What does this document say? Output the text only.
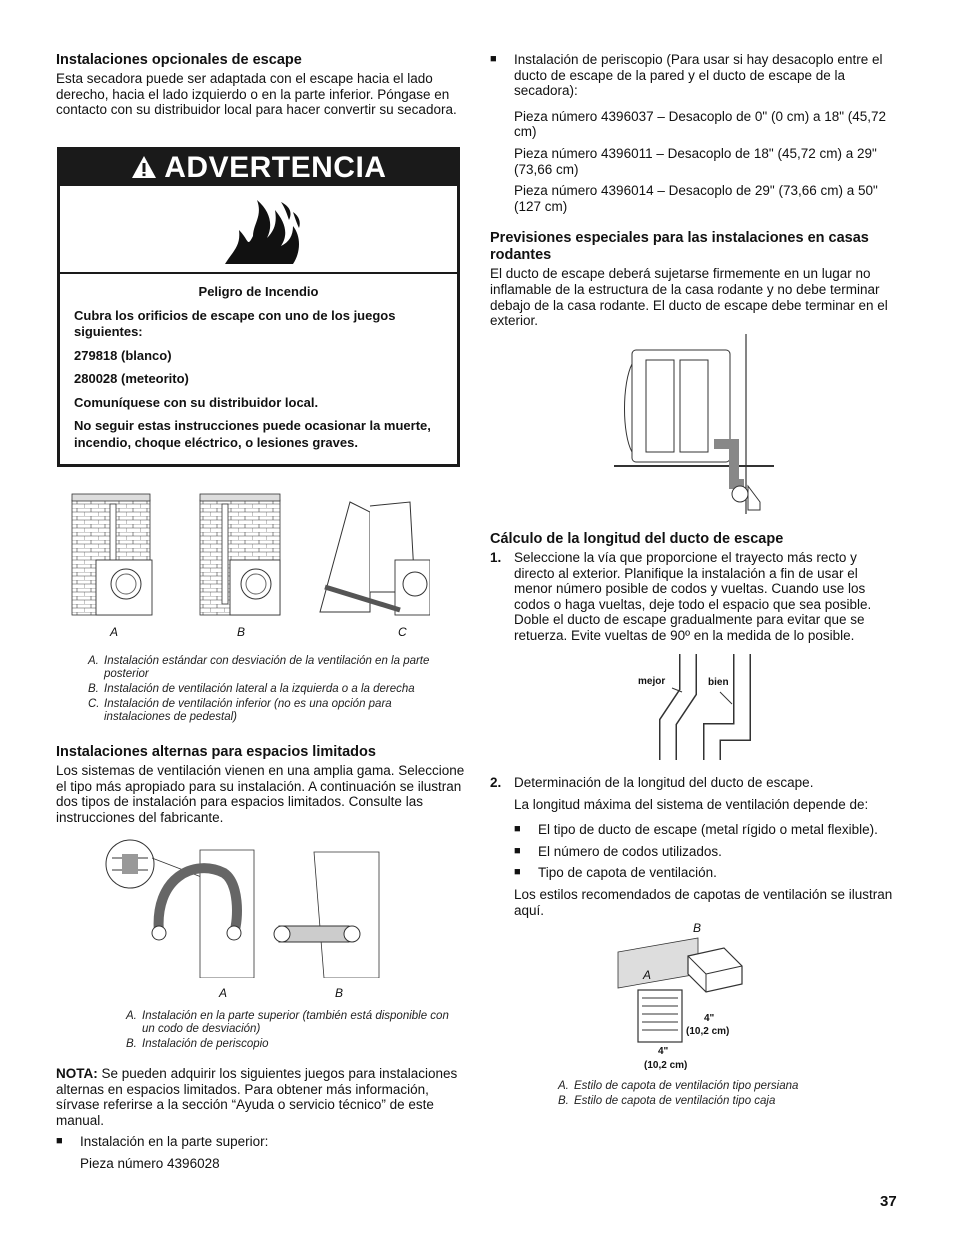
Instalaciones opcionales de escape

Esta secadora puede ser adaptada con el escape hacia el lado derecho, hacia el lado izquierdo o en la parte inferior. Póngase en contacto con su distribuidor local para hacer convertir su secadora.

ADVERTENCIA

Peligro de Incendio

Cubra los orificios de escape con uno de los juegos siguientes:

279818 (blanco)

280028 (meteorito)

Comuníquese con su distribuidor local.

No seguir estas instrucciones puede ocasionar la muerte, incendio, choque eléctrico, o lesiones graves.

A	B	C
A. Instalación estándar con desviación de la ventilación en la parte posterior
B. Instalación de ventilación lateral a la izquierda o a la derecha
C. Instalación de ventilación inferior (no es una opción para instalaciones de pedestal)
Instalaciones alternas para espacios limitados

Los sistemas de ventilación vienen en una amplia gama. Seleccione el tipo más apropiado para su instalación. A continuación se ilustran dos tipos de instalación para espacios limitados. Consulte las instrucciones del fabricante.

A	B
A. Instalación en la parte superior (también está disponible con un codo de desviación)
B. Instalación de periscopio

NOTA: Se pueden adquirir los siguientes juegos para instalaciones alternas en espacios limitados. Para obtener más información, sírvase referirse a la sección “Ayuda o servicio técnico” de este manual.

■	Instalación en la parte superior:

Pieza número 4396028

■	Instalación de periscopio (Para usar si hay desacoplo entre el ducto de escape de la pared y el ducto de escape de la secadora):

Pieza número 4396037 – Desacoplo de 0" (0 cm) a 18" (45,72 cm)

Pieza número 4396011 – Desacoplo de 18" (45,72 cm) a 29" (73,66 cm)

Pieza número 4396014 – Desacoplo de 29" (73,66 cm) a 50" (127 cm)

Previsiones especiales para las instalaciones en casas rodantes

El ducto de escape deberá sujetarse firmemente en un lugar no inflamable de la estructura de la casa rodante y no debe terminar debajo de la casa rodante. El ducto de escape debe terminar en el exterior.

Cálculo de la longitud del ducto de escape
1. Seleccione la vía que proporcione el trayecto más recto y directo al exterior. Planifique la instalación a fin de usar el menor número posible de codos y vueltas. Cuando use los codos o haga vueltas, deje todo el espacio que sea posible. Doble el ducto de escape gradualmente para evitar que se retuerza. Evite vueltas de 90º en la medida de lo posible.
mejor	bien
2. Determinación de la longitud del ducto de escape.

La longitud máxima del sistema de ventilación depende de:

■	El tipo de ducto de escape (metal rígido o metal flexible).
■	El número de codos utilizados.
■	Tipo de capota de ventilación.

Los estilos recomendados de capotas de ventilación se ilustran aquí.

B
A
4"
(10,2 cm)
4"
(10,2 cm)
A. Estilo de capota de ventilación tipo persiana
B. Estilo de capota de ventilación tipo caja
37
